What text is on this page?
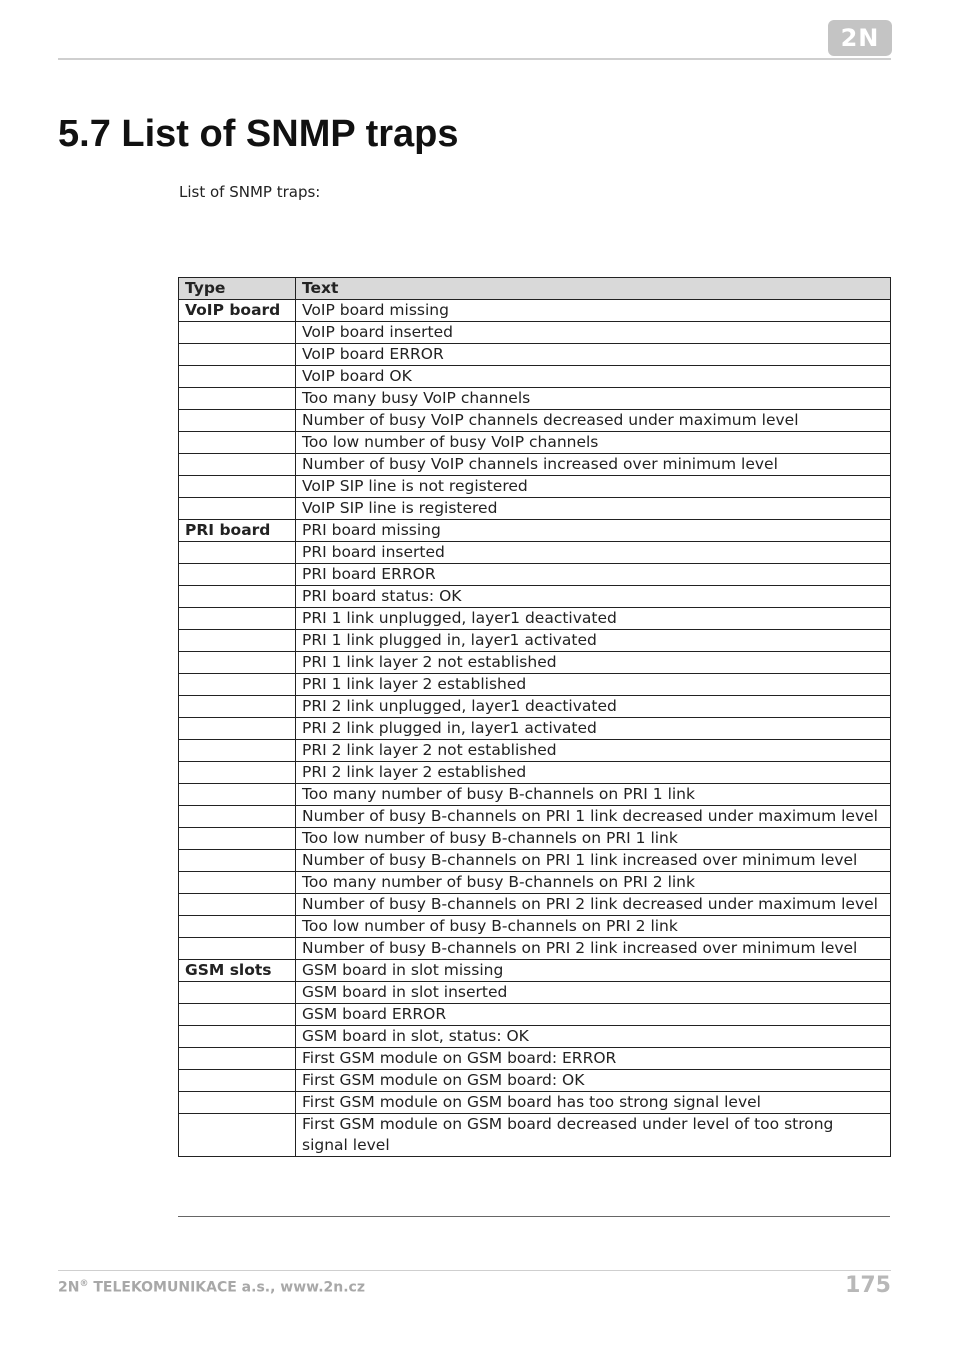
2N
5.7 List of SNMP traps
List of SNMP traps:
Type	Text
VoIP board	VoIP board missing
	VoIP board inserted
	VoIP board ERROR
	VoIP board OK
	Too many busy VoIP channels
	Number of busy VoIP channels decreased under maximum level
	Too low number of busy VoIP channels
	Number of busy VoIP channels increased over minimum level
	VoIP SIP line is not registered
	VoIP SIP line is registered
PRI board	PRI board missing
	PRI board inserted
	PRI board ERROR
	PRI board status: OK
	PRI 1 link unplugged, layer1 deactivated
	PRI 1 link plugged in, layer1 activated
	PRI 1 link layer 2 not established
	PRI 1 link layer 2 established
	PRI 2 link unplugged, layer1 deactivated
	PRI 2 link plugged in, layer1 activated
	PRI 2 link layer 2 not established
	PRI 2 link layer 2 established
	Too many number of busy B-channels on PRI 1 link
	Number of busy B-channels on PRI 1 link decreased under maximum level
	Too low number of busy B-channels on PRI 1 link
	Number of busy B-channels on PRI 1 link increased over minimum level
	Too many number of busy B-channels on PRI 2 link
	Number of busy B-channels on PRI 2 link decreased under maximum level
	Too low number of busy B-channels on PRI 2 link
	Number of busy B-channels on PRI 2 link increased over minimum level
GSM slots	GSM board in slot missing
	GSM board in slot inserted
	GSM board ERROR
	GSM board in slot, status: OK
	First GSM module on GSM board: ERROR
	First GSM module on GSM board: OK
	First GSM module on GSM board has too strong signal level
	First GSM module on GSM board decreased under level of too strong signal level
2N® TELEKOMUNIKACE a.s., www.2n.cz	175
